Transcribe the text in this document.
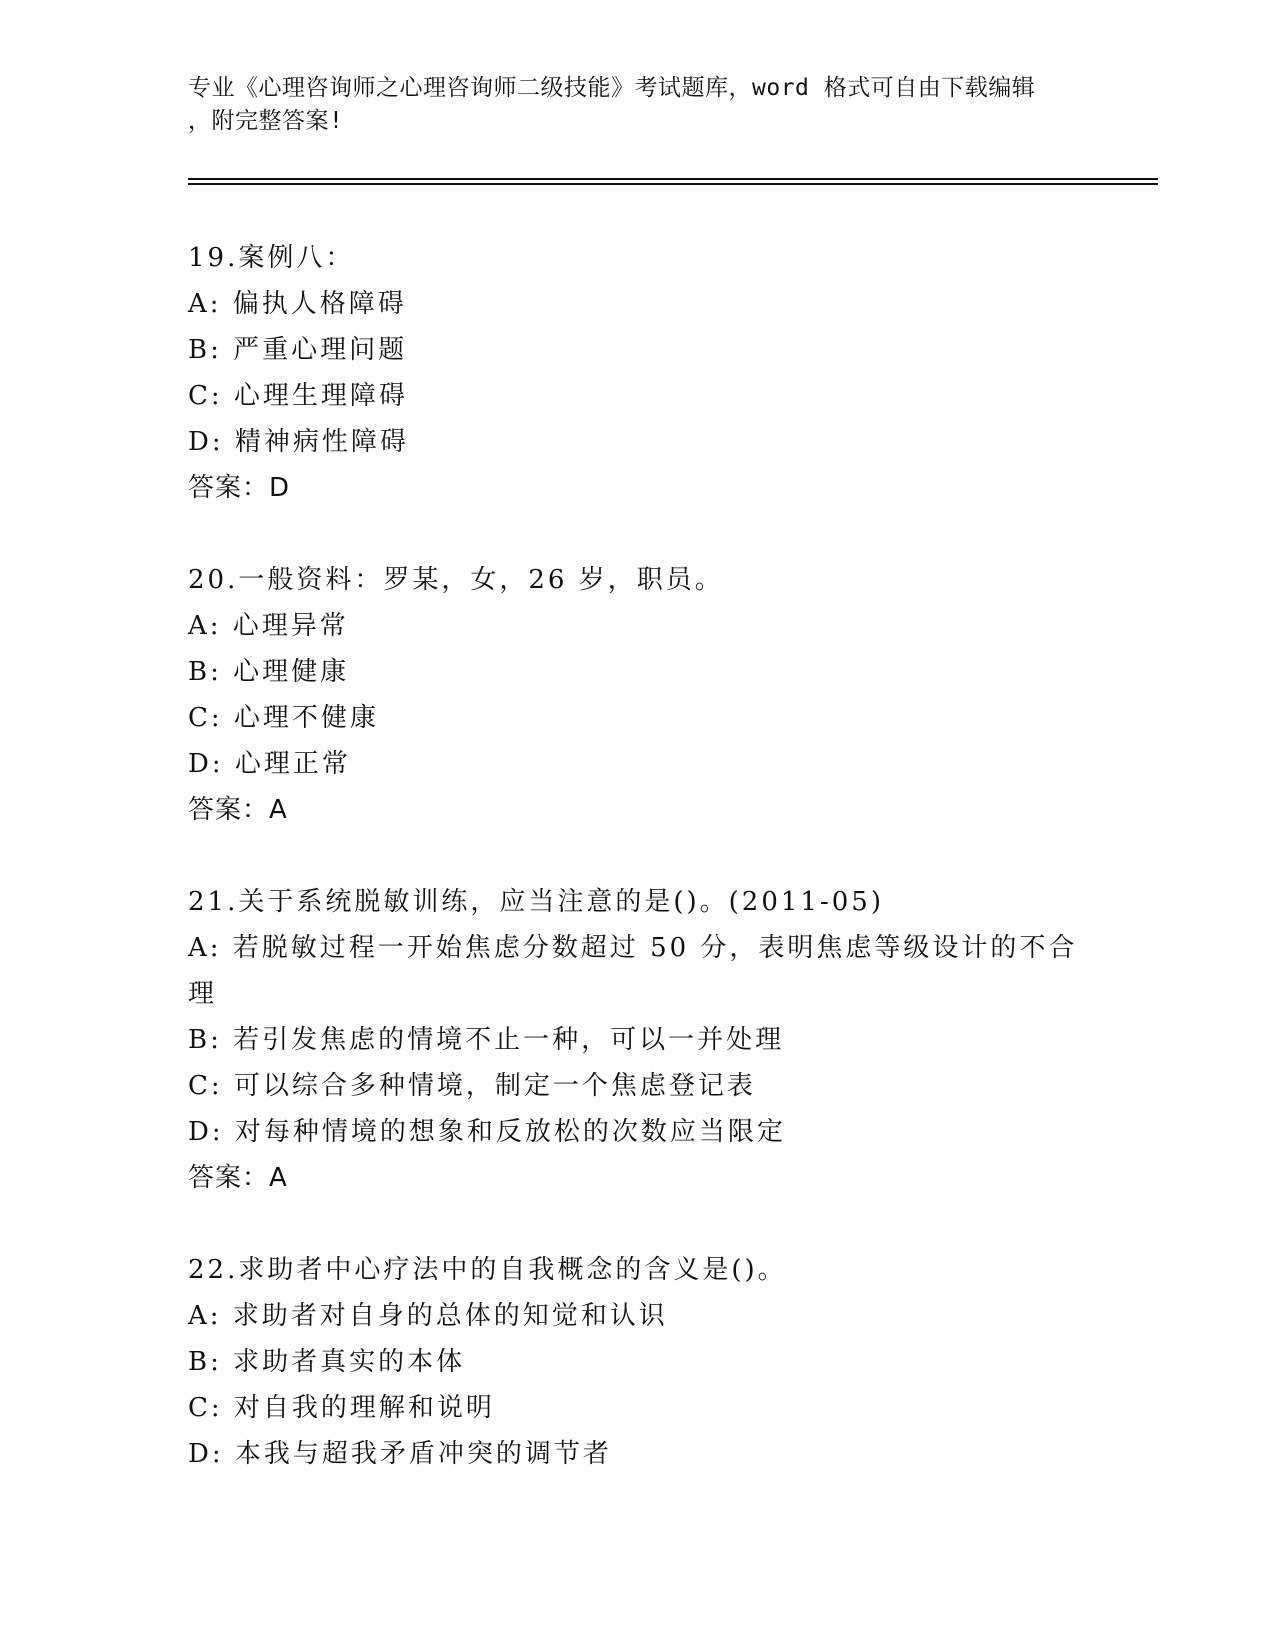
专业《心理咨询师之心理咨询师二级技能》考试题库，word 格式可自由下载编辑
，附完整答案!
19.案例八：
A: 偏执人格障碍
B: 严重心理问题
C: 心理生理障碍
D: 精神病性障碍
答案：D
20.一般资料：罗某，女，26 岁，职员。
A: 心理异常
B: 心理健康
C: 心理不健康
D: 心理正常
答案：A
21.关于系统脱敏训练，应当注意的是()。(2011-05)
A: 若脱敏过程一开始焦虑分数超过 50 分，表明焦虑等级设计的不合理
B: 若引发焦虑的情境不止一种，可以一并处理
C: 可以综合多种情境，制定一个焦虑登记表
D: 对每种情境的想象和反放松的次数应当限定
答案：A
22.求助者中心疗法中的自我概念的含义是()。
A: 求助者对自身的总体的知觉和认识
B: 求助者真实的本体
C: 对自我的理解和说明
D: 本我与超我矛盾冲突的调节者
